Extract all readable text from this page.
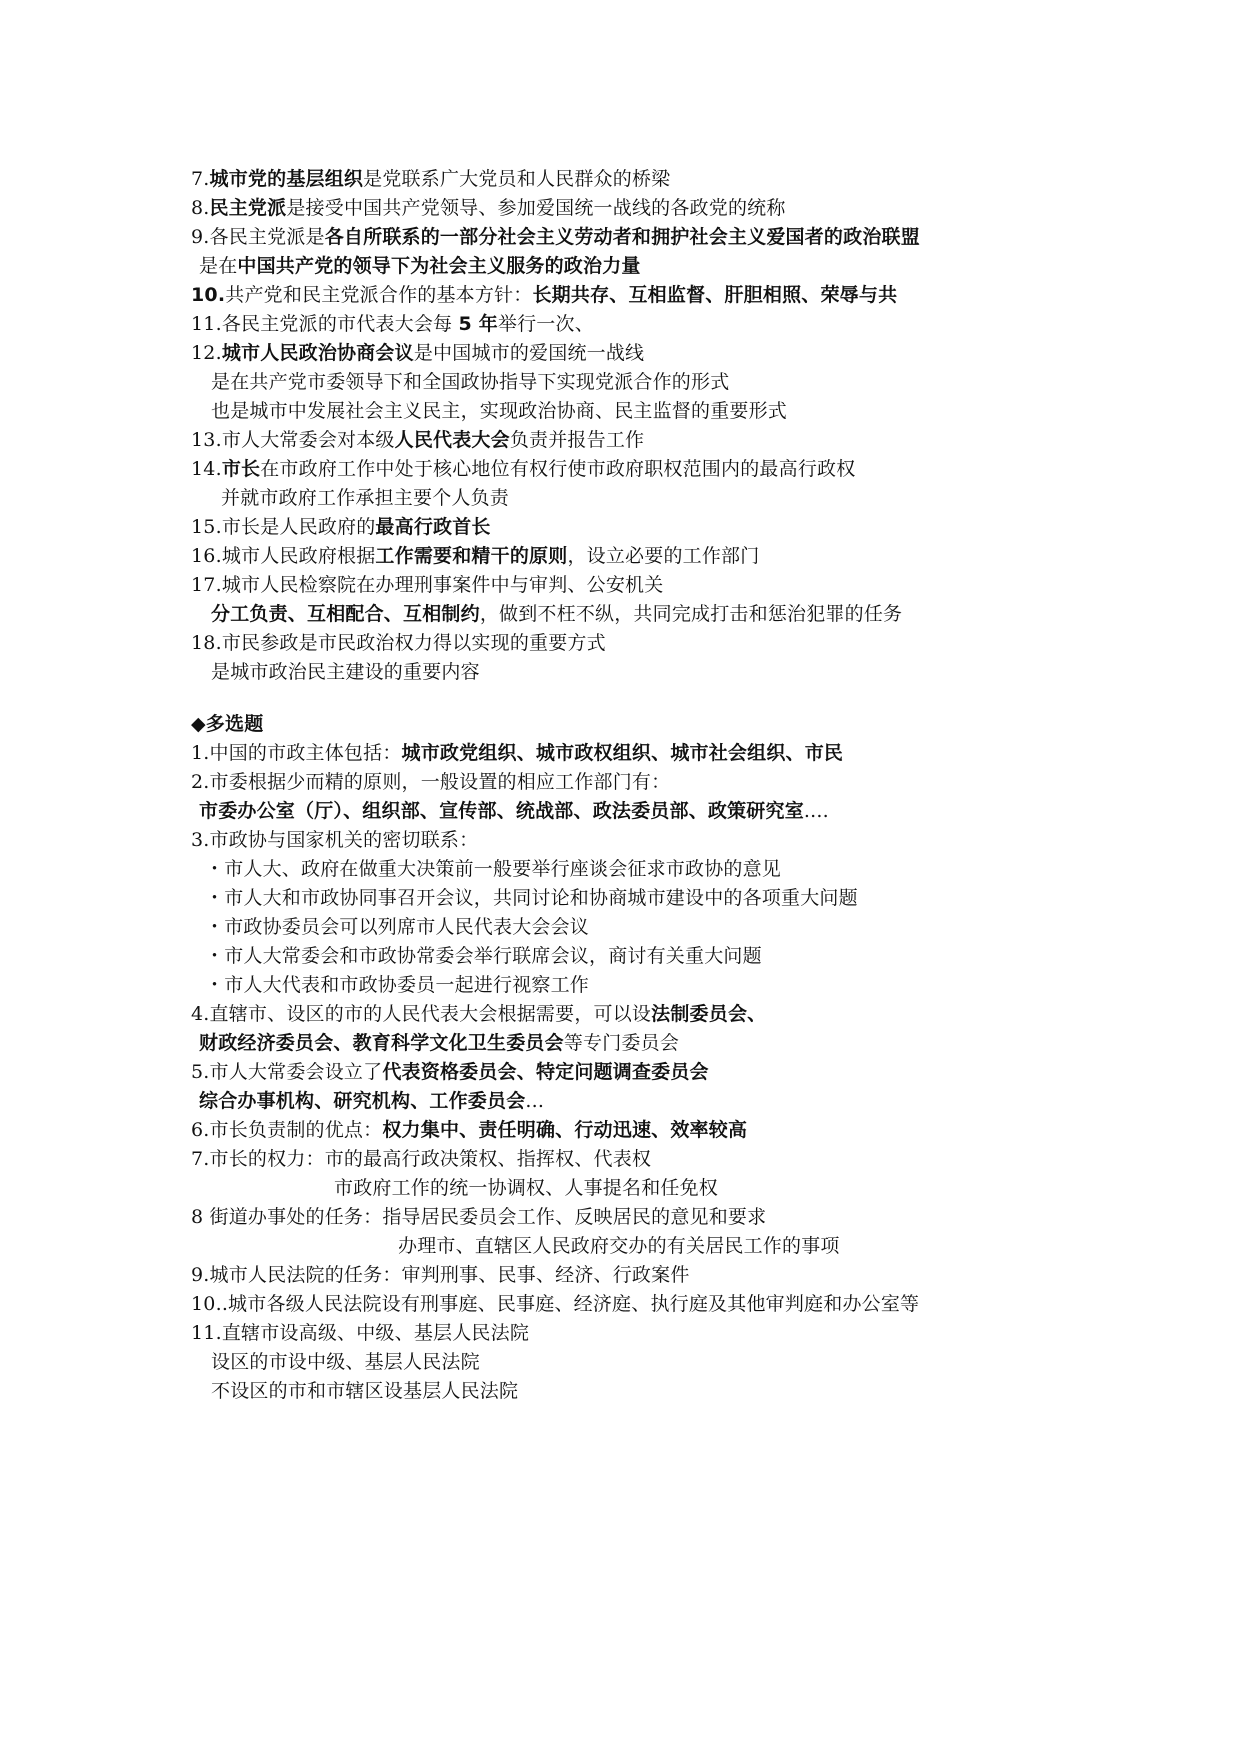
7.城市党的基层组织是党联系广大党员和人民群众的桥梁
8.民主党派是接受中国共产党领导、参加爱国统一战线的各政党的统称
9.各民主党派是各自所联系的一部分社会主义劳动者和拥护社会主义爱国者的政治联盟
是在中国共产党的领导下为社会主义服务的政治力量
10.共产党和民主党派合作的基本方针：长期共存、互相监督、肝胆相照、荣辱与共
11.各民主党派的市代表大会每 5 年举行一次、
12.城市人民政治协商会议是中国城市的爱国统一战线
是在共产党市委领导下和全国政协指导下实现党派合作的形式
也是城市中发展社会主义民主，实现政治协商、民主监督的重要形式
13.市人大常委会对本级人民代表大会负责并报告工作
14.市长在市政府工作中处于核心地位有权行使市政府职权范围内的最高行政权
并就市政府工作承担主要个人负责
15.市长是人民政府的最高行政首长
16.城市人民政府根据工作需要和精干的原则，设立必要的工作部门
17.城市人民检察院在办理刑事案件中与审判、公安机关
分工负责、互相配合、互相制约，做到不枉不纵，共同完成打击和惩治犯罪的任务
18.市民参政是市民政治权力得以实现的重要方式
是城市政治民主建设的重要内容
◆多选题
1.中国的市政主体包括：城市政党组织、城市政权组织、城市社会组织、市民
2.市委根据少而精的原则，一般设置的相应工作部门有：
市委办公室（厅）、组织部、宣传部、统战部、政法委员部、政策研究室....
3.市政协与国家机关的密切联系：
・市人大、政府在做重大决策前一般要举行座谈会征求市政协的意见
・市人大和市政协同事召开会议，共同讨论和协商城市建设中的各项重大问题
・市政协委员会可以列席市人民代表大会会议
・市人大常委会和市政协常委会举行联席会议，商讨有关重大问题
・市人大代表和市政协委员一起进行视察工作
4.直辖市、设区的市的人民代表大会根据需要，可以设法制委员会、
财政经济委员会、教育科学文化卫生委员会等专门委员会
5.市人大常委会设立了代表资格委员会、特定问题调查委员会
综合办事机构、研究机构、工作委员会...
6.市长负责制的优点：权力集中、责任明确、行动迅速、效率较高
7.市长的权力：市的最高行政决策权、指挥权、代表权
市政府工作的统一协调权、人事提名和任免权
8 街道办事处的任务：指导居民委员会工作、反映居民的意见和要求
办理市、直辖区人民政府交办的有关居民工作的事项
9.城市人民法院的任务：审判刑事、民事、经济、行政案件
10..城市各级人民法院设有刑事庭、民事庭、经济庭、执行庭及其他审判庭和办公室等
11.直辖市设高级、中级、基层人民法院
设区的市设中级、基层人民法院
不设区的市和市辖区设基层人民法院
